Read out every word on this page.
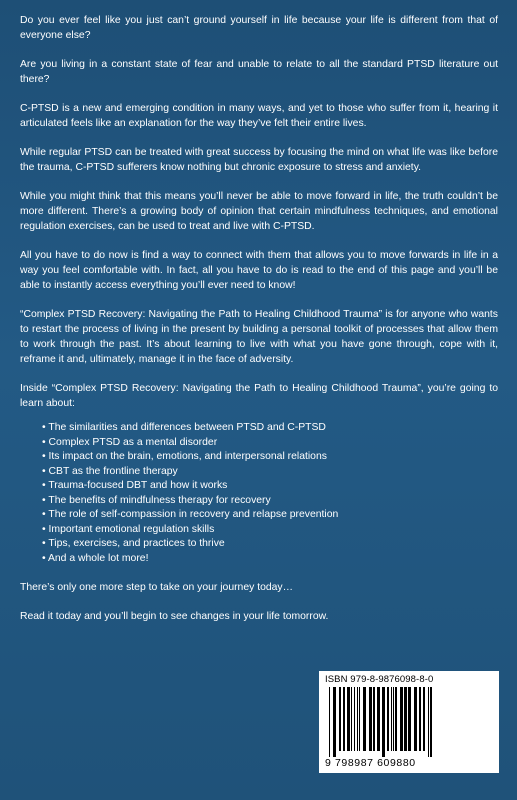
Do you ever feel like you just can’t ground yourself in life because your life is different from that of everyone else?

Are you living in a constant state of fear and unable to relate to all the standard PTSD literature out there?

C-PTSD is a new and emerging condition in many ways, and yet to those who suffer from it, hearing it articulated feels like an explanation for the way they’ve felt their entire lives.

While regular PTSD can be treated with great success by focusing the mind on what life was like before the trauma, C-PTSD sufferers know nothing but chronic exposure to stress and anxiety.

While you might think that this means you’ll never be able to move forward in life, the truth couldn’t be more different. There’s a growing body of opinion that certain mindfulness techniques, and emotional regulation exercises, can be used to treat and live with C-PTSD.

All you have to do now is find a way to connect with them that allows you to move forwards in life in a way you feel comfortable with. In fact, all you have to do is read to the end of this page and you’ll be able to instantly access everything you’ll ever need to know!

“Complex PTSD Recovery: Navigating the Path to Healing Childhood Trauma” is for anyone who wants to restart the process of living in the present by building a personal toolkit of processes that allow them to work through the past. It’s about learning to live with what you have gone through, cope with it, reframe it and, ultimately, manage it in the face of adversity.

Inside “Complex PTSD Recovery: Navigating the Path to Healing Childhood Trauma”, you’re going to learn about:

• The similarities and differences between PTSD and C-PTSD
• Complex PTSD as a mental disorder
• Its impact on the brain, emotions, and interpersonal relations
• CBT as the frontline therapy
• Trauma-focused DBT and how it works
• The benefits of mindfulness therapy for recovery
• The role of self-compassion in recovery and relapse prevention
• Important emotional regulation skills
• Tips, exercises, and practices to thrive
• And a whole lot more!

There’s only one more step to take on your journey today…

Read it today and you’ll begin to see changes in your life tomorrow.

ISBN 979-8-9876098-8-0
9 798987 609880
